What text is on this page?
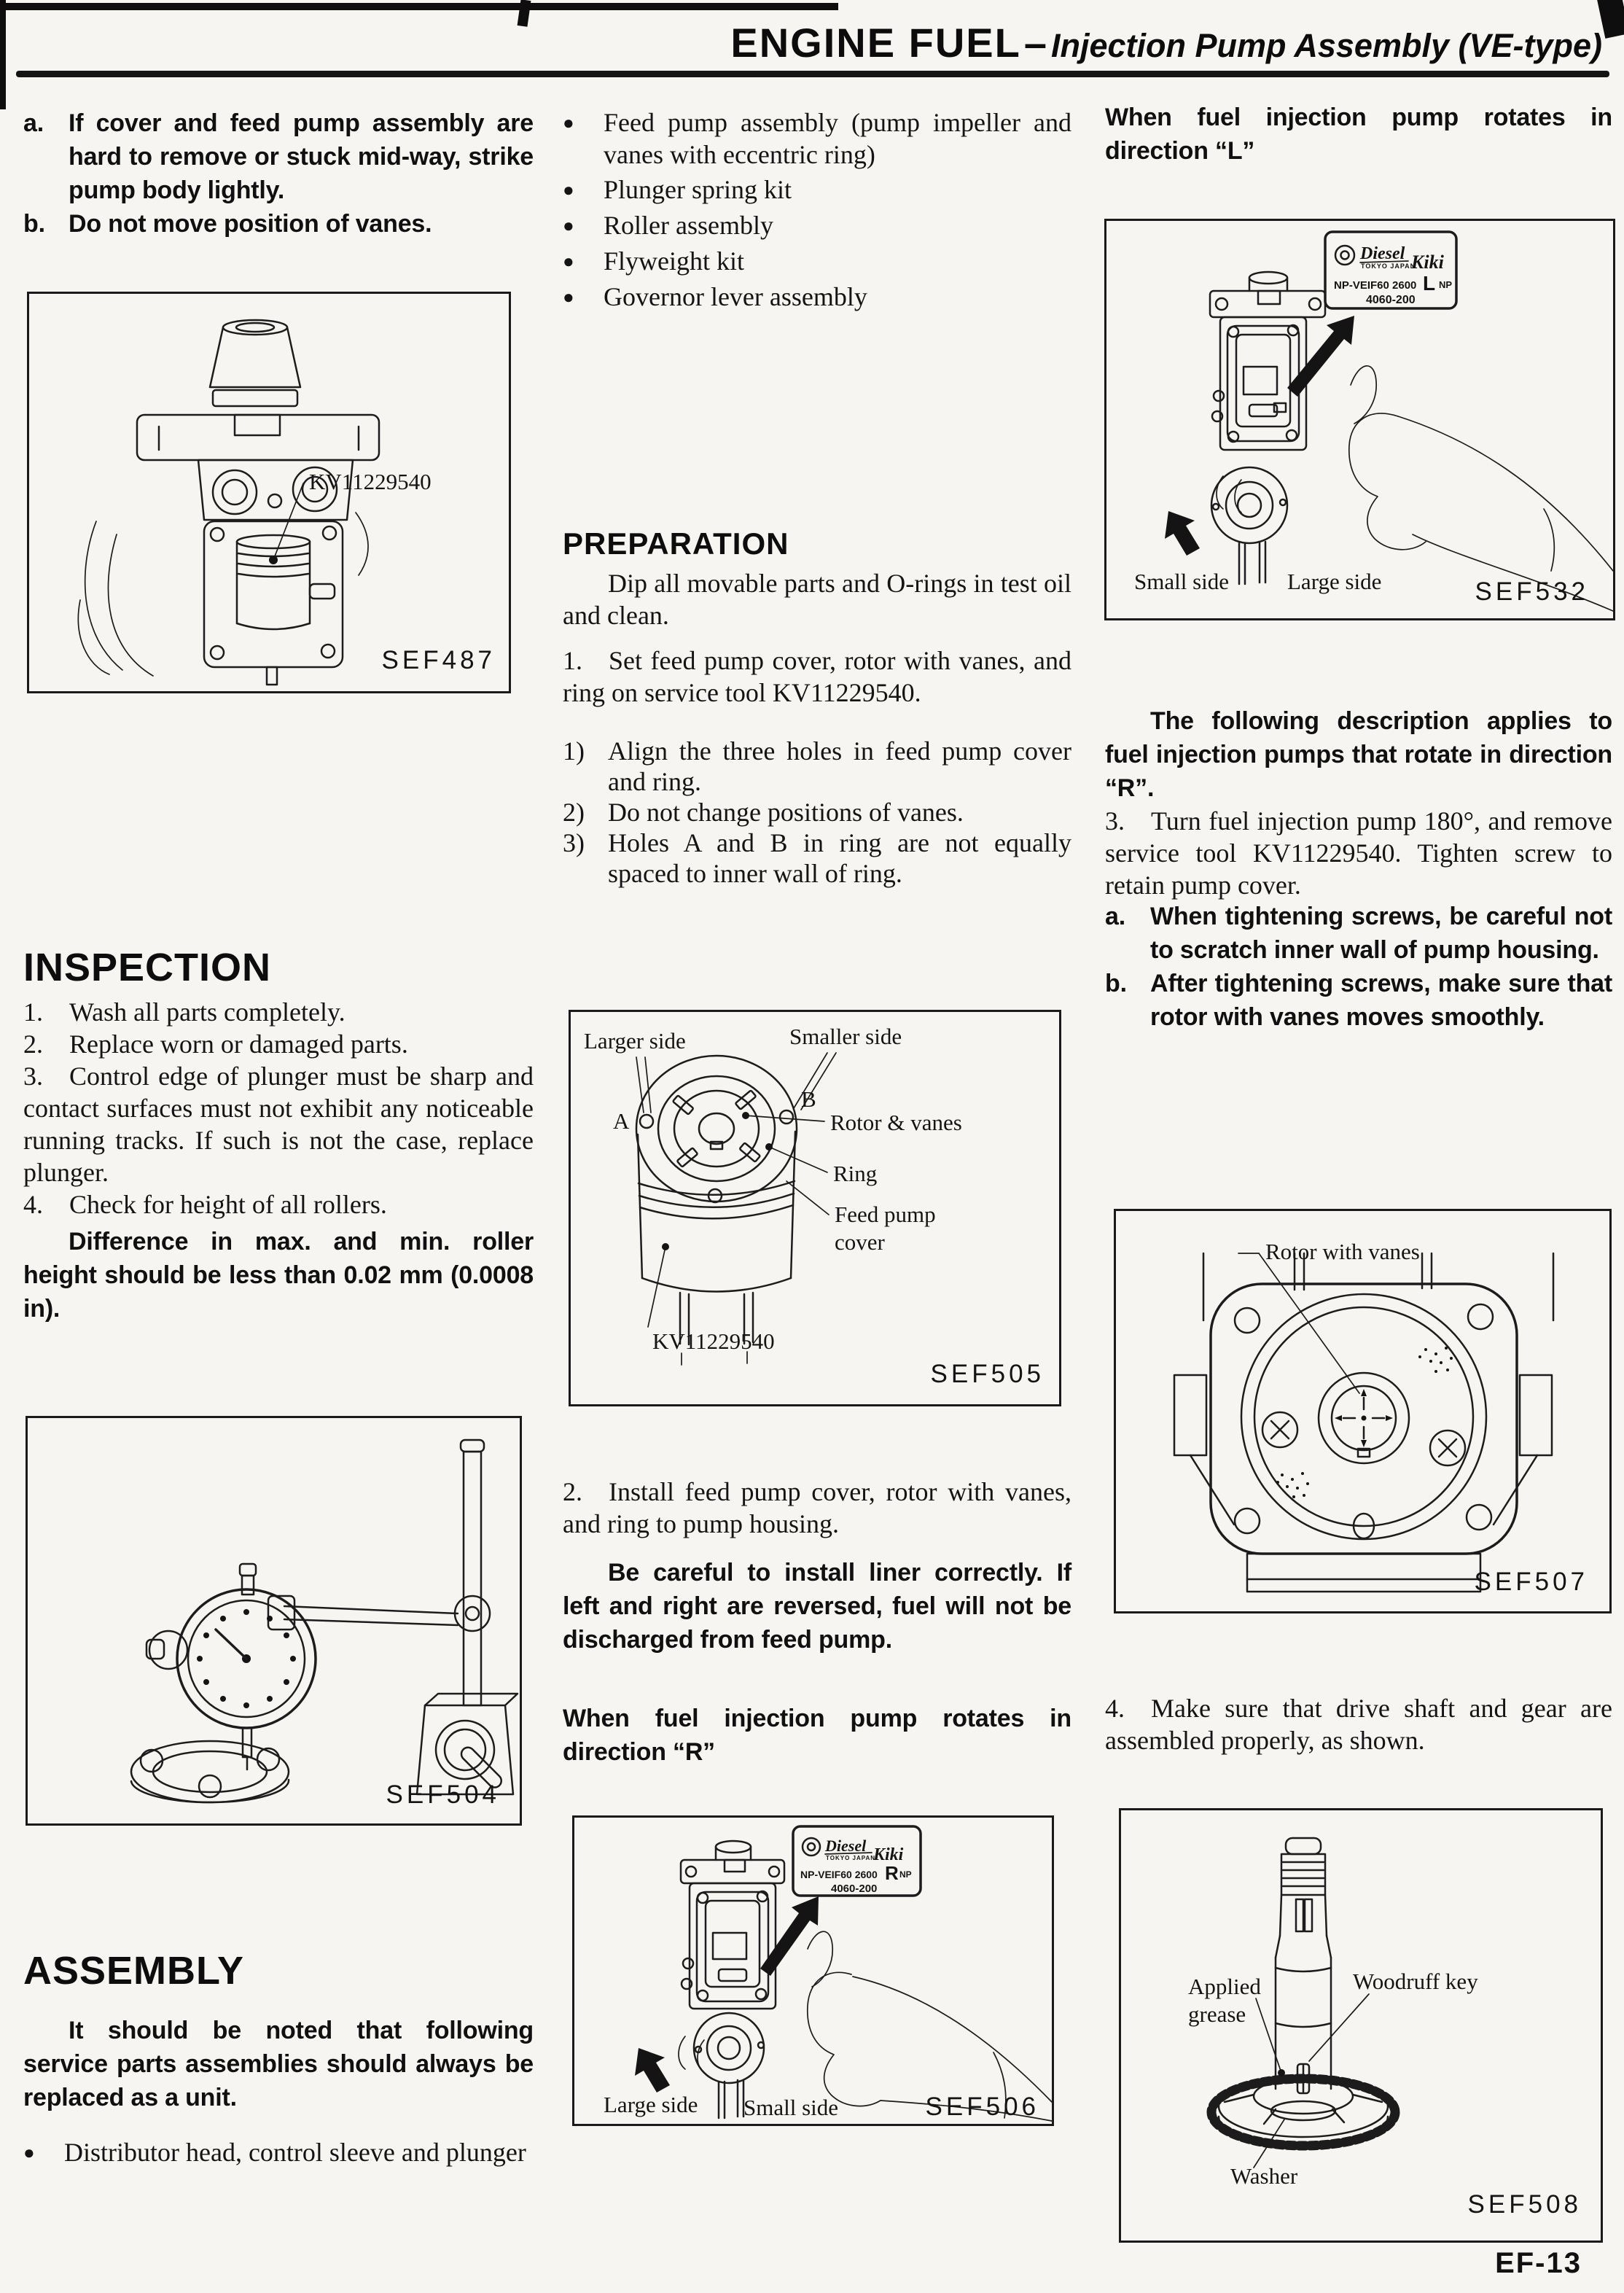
ENGINE FUEL – Injection Pump Assembly (VE-type)
a.	If cover and feed pump assembly are hard to remove or stuck mid-way, strike pump body lightly.
b. Do not move position of vanes.
KV11229540
SEF487
INSPECTION

1. Wash all parts completely.

2. Replace worn or damaged parts.

3. Control edge of plunger must be sharp and contact surfaces must not exhibit any noticeable running tracks. If such is not the case, replace plunger.

4. Check for height of all rollers.

Difference in max. and min. roller height should be less than 0.02 mm (0.0008 in).
SEF504
ASSEMBLY
It should be noted that following service parts assemblies should always be replaced as a unit.
●	Distributor head, control sleeve and plunger
●	Feed pump assembly (pump impeller and vanes with eccentric ring)
●	Plunger spring kit
●	Roller assembly
●	Flyweight kit
●	Governor lever assembly
PREPARATION
Dip all movable parts and O-rings in test oil and clean.
1. Set feed pump cover, rotor with vanes, and ring on service tool KV11229540.
1) Align the three holes in feed pump cover and ring.
2) Do not change positions of vanes.
3) Holes A and B in ring are not equally spaced to inner wall of ring.
Larger side	Smaller side
A
B
Rotor & vanes
Ring
Feed pump
cover
KV11229540
SEF505
2. Install feed pump cover, rotor with vanes, and ring to pump housing.
Be careful to install liner correctly. If left and right are reversed, fuel will not be discharged from feed pump.
When fuel injection pump rotates in direction “R”
Diesel
TOKYO JAPAN
Kiki
NP-VEIF60 2600 R NP
4060-200
Large side Small side	SEF506
When fuel injection pump rotates in direction “L”
Diesel
TOKYO JAPAN
Kiki
NP-VEIF60 2600 L NP
4060-200
Small side	Large side	SEF532
The following description applies to fuel injection pumps that rotate in direction “R”.
3. Turn fuel injection pump 180°, and remove service tool KV11229540. Tighten screw to retain pump cover.
a.	When tightening screws, be careful not to scratch inner wall of pump housing.
b. After tightening screws, make sure that rotor with vanes moves smoothly.
Rotor with vanes
SEF507
4. Make sure that drive shaft and gear are assembled properly, as shown.
Applied
grease
Woodruff key
Washer
SEF508
EF-13
